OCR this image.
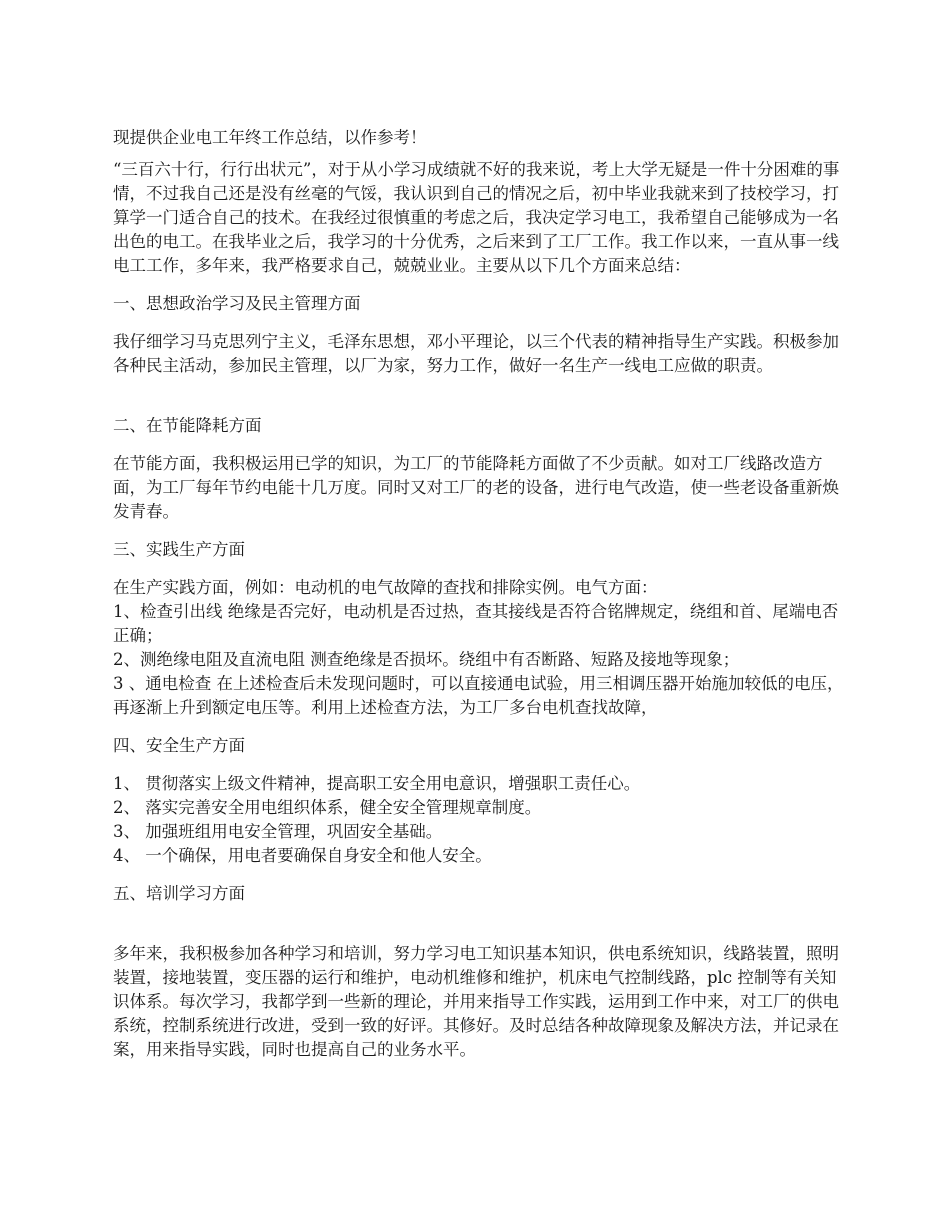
现提供企业电工年终工作总结，以作参考！

“三百六十行，行行出状元”，对于从小学习成绩就不好的我来说，考上大学无疑是一件十分困难的事情，不过我自己还是没有丝毫的气馁，我认识到自己的情况之后，初中毕业我就来到了技校学习，打算学一门适合自己的技术。在我经过很慎重的考虑之后，我决定学习电工，我希望自己能够成为一名出色的电工。在我毕业之后，我学习的十分优秀，之后来到了工厂工作。我工作以来，一直从事一线电工工作，多年来，我严格要求自己，兢兢业业。主要从以下几个方面来总结：

一、思想政治学习及民主管理方面

我仔细学习马克思列宁主义，毛泽东思想，邓小平理论，以三个代表的精神指导生产实践。积极参加各种民主活动，参加民主管理，以厂为家，努力工作，做好一名生产一线电工应做的职责。

二、在节能降耗方面

在节能方面，我积极运用已学的知识，为工厂的节能降耗方面做了不少贡献。如对工厂线路改造方面，为工厂每年节约电能十几万度。同时又对工厂的老的设备，进行电气改造，使一些老设备重新焕发青春。

三、实践生产方面

在生产实践方面，例如：电动机的电气故障的查找和排除实例。电气方面：
1、检查引出线 绝缘是否完好，电动机是否过热，查其接线是否符合铭牌规定，绕组和首、尾端电否正确；
2、测绝缘电阻及直流电阻 测查绝缘是否损坏。绕组中有否断路、短路及接地等现象；
3 、通电检查 在上述检查后未发现问题时，可以直接通电试验，用三相调压器开始施加较低的电压，再逐渐上升到额定电压等。利用上述检查方法，为工厂多台电机查找故障，

四、安全生产方面

1、 贯彻落实上级文件精神，提高职工安全用电意识，增强职工责任心。
2、 落实完善安全用电组织体系，健全安全管理规章制度。
3、 加强班组用电安全管理，巩固安全基础。
4、 一个确保，用电者要确保自身安全和他人安全。

五、培训学习方面

多年来，我积极参加各种学习和培训，努力学习电工知识基本知识，供电系统知识，线路装置，照明装置，接地装置，变压器的运行和维护，电动机维修和维护，机床电气控制线路，plc 控制等有关知识体系。每次学习，我都学到一些新的理论，并用来指导工作实践，运用到工作中来，对工厂的供电系统，控制系统进行改进，受到一致的好评。其修好。及时总结各种故障现象及解决方法，并记录在案，用来指导实践，同时也提高自己的业务水平。
